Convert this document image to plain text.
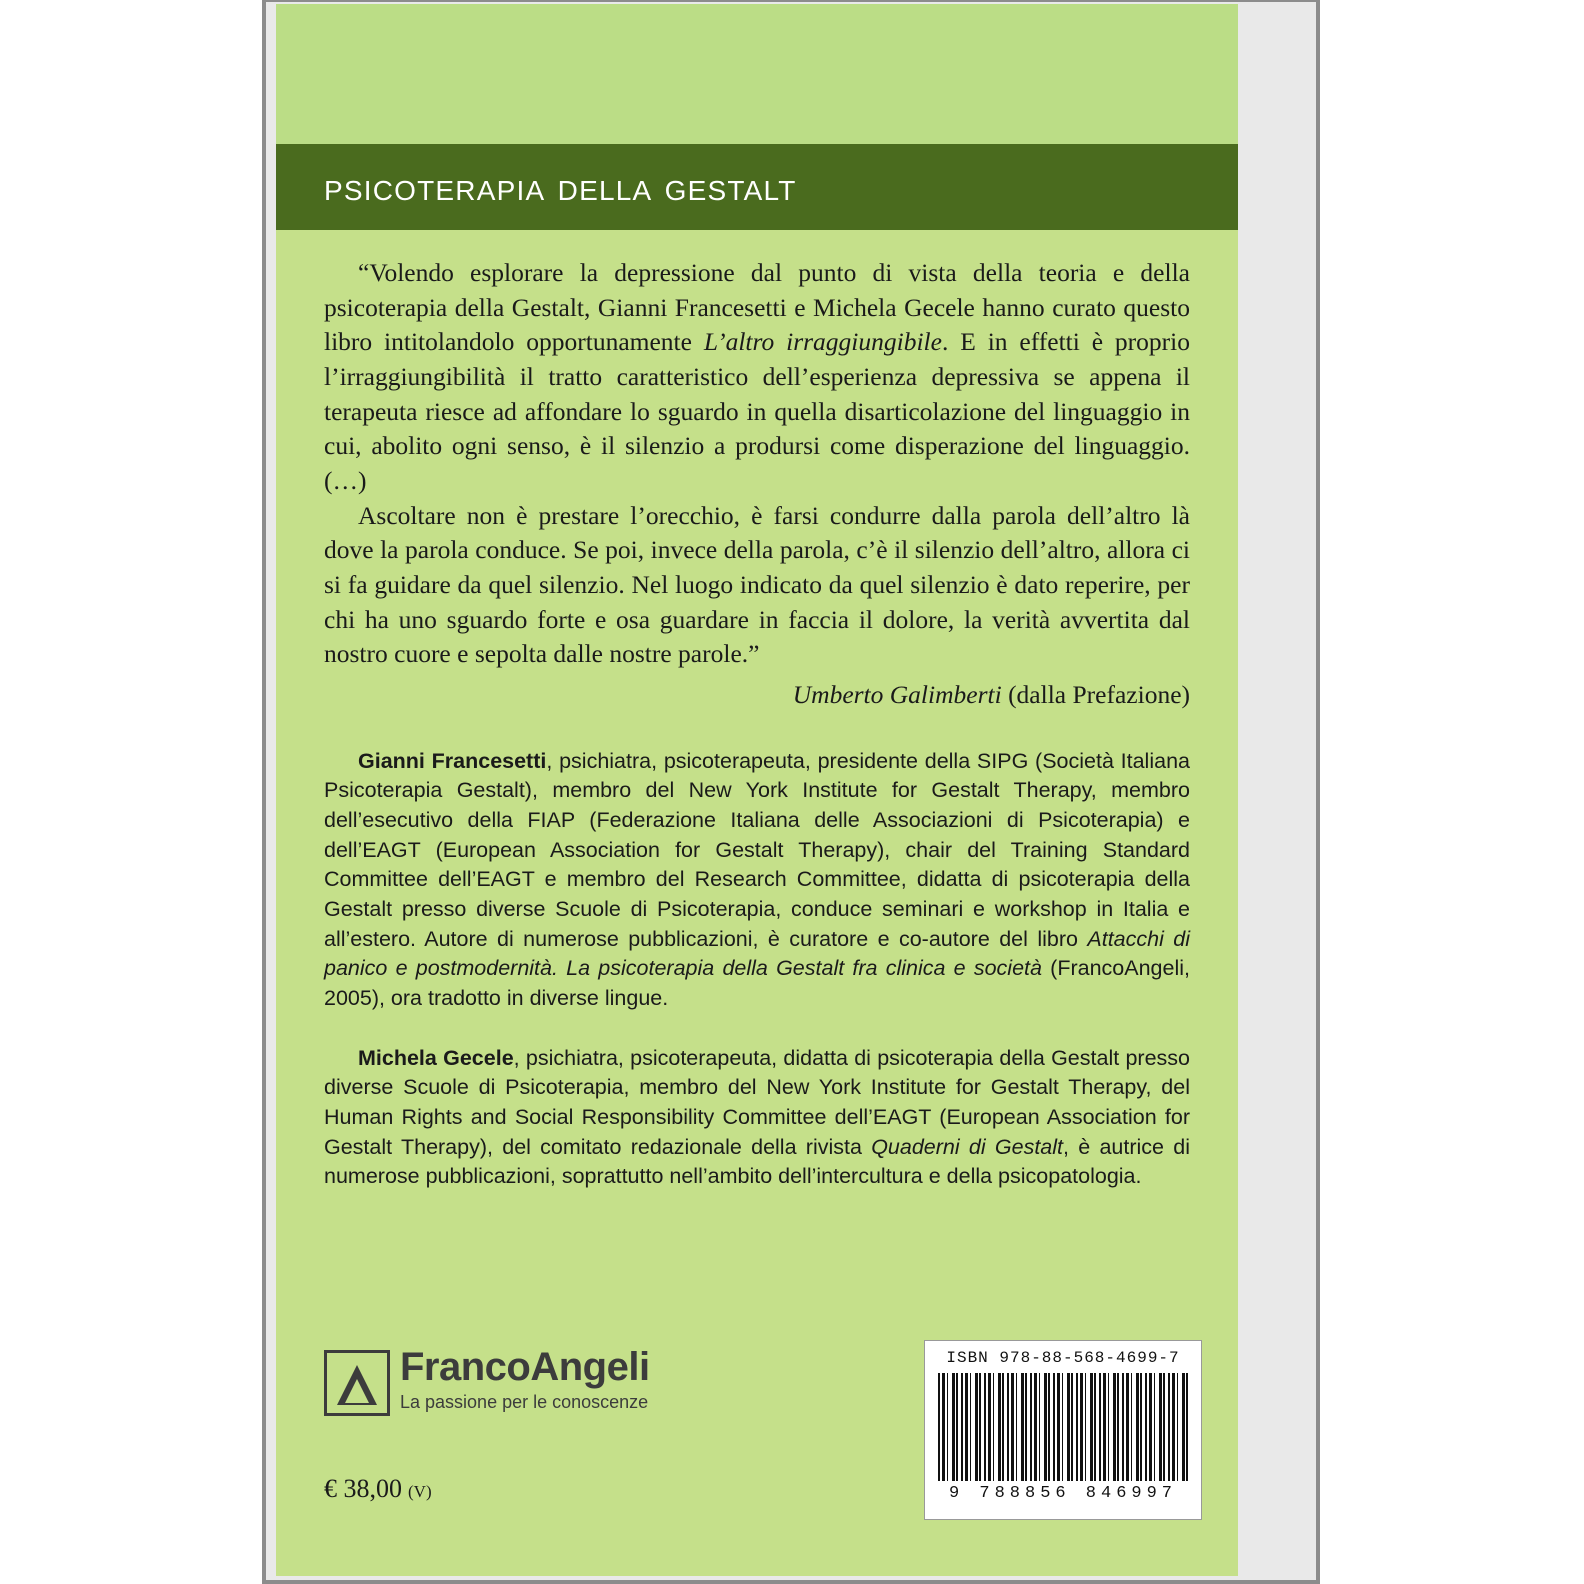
psicoterapia della gestalt

“Volendo esplorare la depressione dal punto di vista della teoria e della psicoterapia della Gestalt, Gianni Francesetti e Michela Gecele hanno curato questo libro intitolandolo opportunamente L’altro irraggiungibile. E in effetti è proprio l’irraggiungibilità il tratto caratteristico dell’esperienza depressiva se appena il terapeuta riesce ad affondare lo sguardo in quella disarticolazione del linguaggio in cui, abolito ogni senso, è il silenzio a prodursi come disperazione del linguaggio. (…)

Ascoltare non è prestare l’orecchio, è farsi condurre dalla parola dell’altro là dove la parola conduce. Se poi, invece della parola, c’è il silenzio dell’altro, allora ci si fa guidare da quel silenzio. Nel luogo indicato da quel silenzio è dato reperire, per chi ha uno sguardo forte e osa guardare in faccia il dolore, la verità avvertita dal nostro cuore e sepolta dalle nostre parole.”

Umberto Galimberti (dalla Prefazione)

Gianni Francesetti, psichiatra, psicoterapeuta, presidente della SIPG (Società Italiana Psicoterapia Gestalt), membro del New York Institute for Gestalt Therapy, membro dell’esecutivo della FIAP (Federazione Italiana delle Associazioni di Psicoterapia) e dell’EAGT (European Association for Gestalt Therapy), chair del Training Standard Committee dell’EAGT e membro del Research Committee, didatta di psicoterapia della Gestalt presso diverse Scuole di Psicoterapia, conduce seminari e workshop in Italia e all’estero. Autore di numerose pubblicazioni, è curatore e co-autore del libro Attacchi di panico e postmodernità. La psicoterapia della Gestalt fra clinica e società (FrancoAngeli, 2005), ora tradotto in diverse lingue.

Michela Gecele, psichiatra, psicoterapeuta, didatta di psicoterapia della Gestalt presso diverse Scuole di Psicoterapia, membro del New York Institute for Gestalt Therapy, del Human Rights and Social Responsibility Committee dell’EAGT (European Association for Gestalt Therapy), del comitato redazionale della rivista Quaderni di Gestalt, è autrice di numerose pubblicazioni, soprattutto nell’ambito dell’intercultura e della psicopatologia.

FrancoAngeli
La passione per le conoscenze
€ 38,00 (V)
ISBN 978-88-568-4699-7
9 788856 846997
